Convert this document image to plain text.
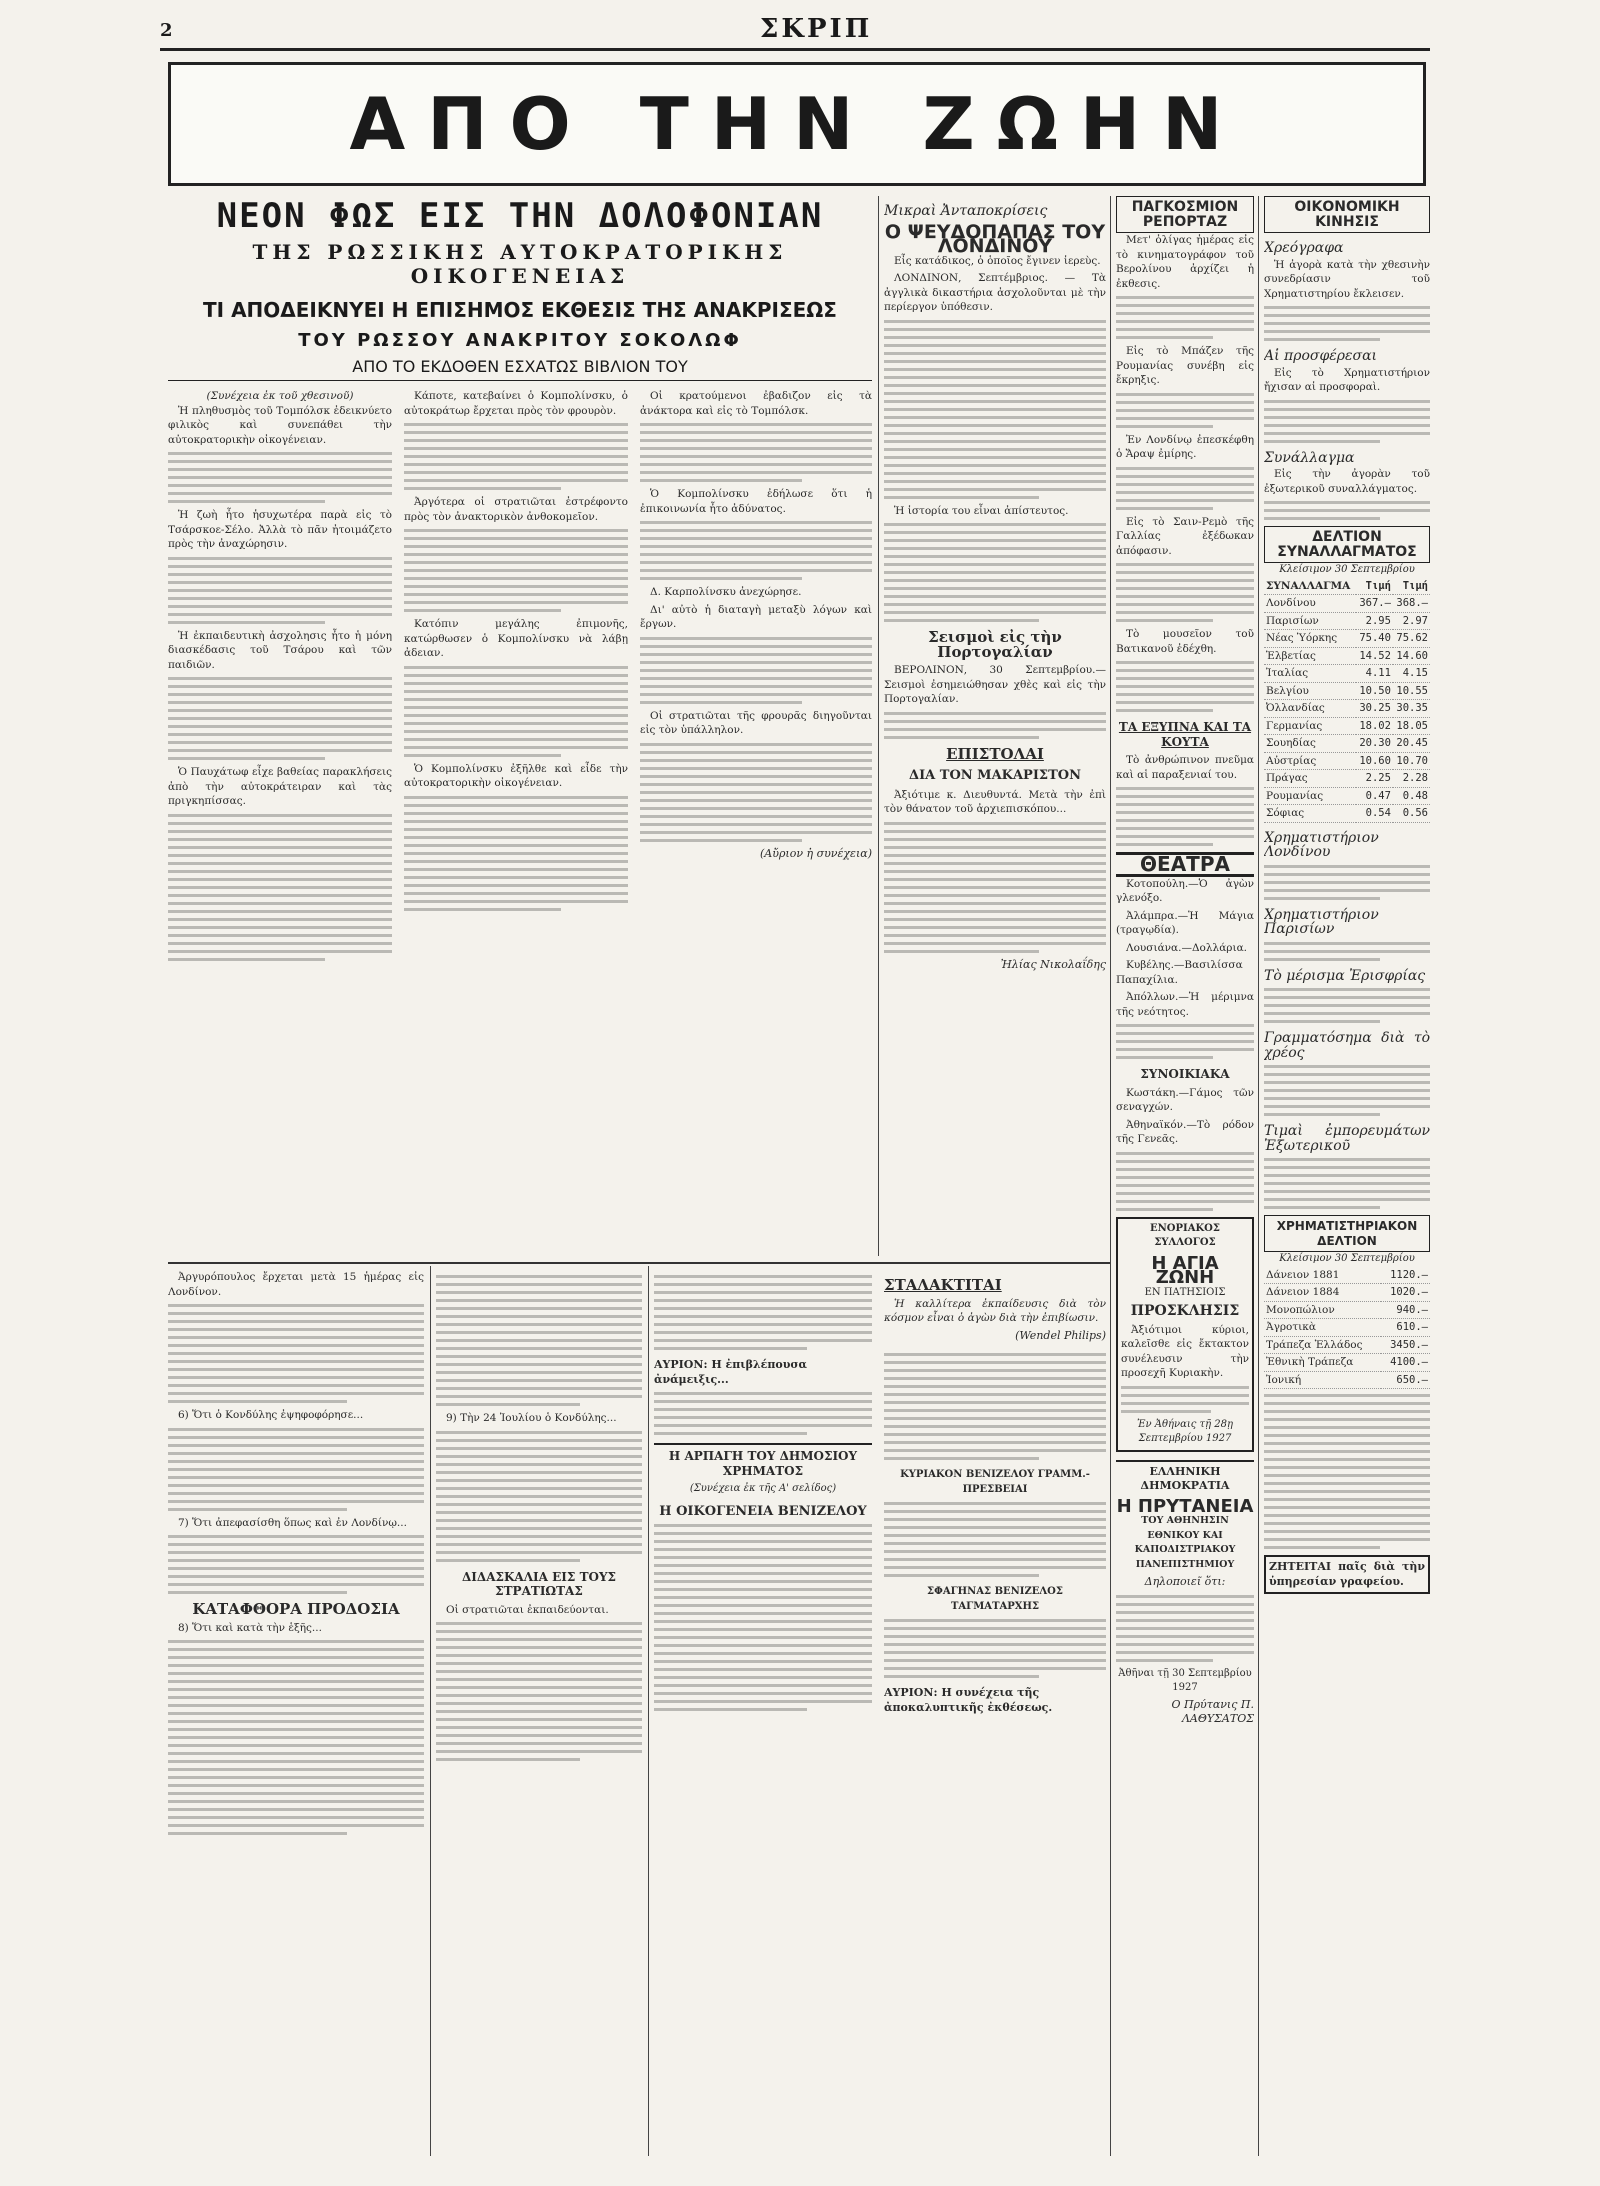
2	ΣΚΡΙΠ
ΑΠΟ ΤΗΝ ΖΩΗΝ
ΝΕΟΝ ΦΩΣ ΕΙΣ ΤΗΝ ΔΟΛΟΦΟΝΙΑΝ
ΤΗΣ ΡΩΣΣΙΚΗΣ ΑΥΤΟΚΡΑΤΟΡΙΚΗΣ ΟΙΚΟΓΕΝΕΙΑΣ
ΤΙ ΑΠΟΔΕΙΚΝΥΕΙ Η ΕΠΙΣΗΜΟΣ ΕΚΘΕΣΙΣ ΤΗΣ ΑΝΑΚΡΙΣΕΩΣ
ΤΟΥ ΡΩΣΣΟΥ ΑΝΑΚΡΙΤΟΥ ΣΟΚΟΛΩΦ
ΑΠΟ ΤΟ ΕΚΔΟΘΕΝ ΕΣΧΑΤΩΣ ΒΙΒΛΙΟΝ ΤΟΥ
(Συνέχεια ἐκ τοῦ χθεσινοῦ)

Ἡ πληθυσμὸς τοῦ Τομπόλσκ ἐδεικνύετο φιλικὸς καὶ συνεπάθει τὴν αὐτοκρατορικὴν οἰκογένειαν.

Ἡ ζωὴ ἦτο ἡσυχωτέρα παρὰ εἰς τὸ Τσάρσκοε-Σέλο. Ἀλλὰ τὸ πᾶν ἠτοιμάζετο πρὸς τὴν ἀναχώρησιν.

Ἡ ἐκπαιδευτικὴ ἀσχολησις ἦτο ἡ μόνη διασκέδασις τοῦ Τσάρου καὶ τῶν παιδιῶν.

Ὁ Παυχάτωφ εἶχε βαθείας παρακλήσεις ἀπὸ τὴν αὐτοκράτειραν καὶ τὰς πριγκηπίσσας.

Κάποτε, κατεβαίνει ὁ Κομπολίνσκυ, ὁ αὐτοκράτωρ ἔρχεται πρὸς τὸν φρουρὸν.

Ἀργότερα οἱ στρατιῶται ἐστρέφοντο πρὸς τὸν ἀνακτορικὸν ἀνθοκομεῖον.

Κατόπιν μεγάλης ἐπιμονῆς, κατώρθωσεν ὁ Κομπολίνσκυ νὰ λάβῃ ἀδειαν.

Ὁ Κομπολίνσκυ ἐξῆλθε καὶ εἶδε τὴν αὐτοκρατορικὴν οἰκογένειαν.

Οἱ κρατούμενοι ἐβαδιζον εἰς τὰ ἀνάκτορα καὶ εἰς τὸ Τομπόλσκ.

Ὁ Κομπολίνσκυ ἐδήλωσε ὅτι ἡ ἐπικοινωνία ἦτο ἀδύνατος.

Δ. Καρπολίνσκυ ἀνεχώρησε.

Δι' αὐτὸ ἡ διαταγὴ μεταξὺ λόγων καὶ ἔργων.

Οἱ στρατιῶται τῆς φρουρᾶς διηγοῦνται εἰς τὸν ὑπάλληλον.

(Αὔριον ἡ συνέχεια)
Μικραὶ Ἀνταποκρίσεις
Ο ΨΕΥΔΟΠΑΠΑΣ ΤΟΥ ΛΟΝΔΙΝΟΥ

Εἶς κατάδικος, ὁ ὁποῖος ἔγινεν ἱερεὺς.

ΛΟΝΔΙΝΟΝ, Σεπτέμβριος. — Τὰ ἀγγλικὰ δικαστήρια ἀσχολοῦνται μὲ τὴν περίεργον ὑπόθεσιν.

Ἡ ἱστορία του εἶναι ἀπίστευτος.

Σεισμοὶ εἰς τὴν Πορτογαλίαν

ΒΕΡΟΛΙΝΟΝ, 30 Σεπτεμβρίου.—Σεισμοὶ ἐσημειώθησαν χθὲς καὶ εἰς τὴν Πορτογαλίαν.

ΕΠΙΣΤΟΛΑΙ
ΔΙΑ ΤΟΝ ΜΑΚΑΡΙΣΤΟΝ

Ἀξιότιμε κ. Διευθυντά. Μετὰ τὴν ἐπὶ τὸν θάνατον τοῦ ἀρχιεπισκόπου...

Ἠλίας Νικολαΐδης
ΠΑΓΚΟΣΜΙΟΝ ΡΕΠΟΡΤΑΖ

Μετ' ὀλίγας ἡμέρας εἰς τὸ κινηματογράφον τοῦ Βερολίνου ἀρχίζει ἡ ἐκθεσις.

Εἰς τὸ Μπάζεν τῆς Ρουμανίας συνέβη εἰς ἔκρηξις.

Ἐν Λονδίνῳ ἐπεσκέφθη ὁ Ἄραψ ἐμίρης.

Εἰς τὸ Σαιν-Ρεμὸ τῆς Γαλλίας ἐξέδωκαν ἀπόφασιν.

Τὸ μουσεῖον τοῦ Βατικανοῦ ἐδέχθη.

ΤΑ ΕΞΥΠΝΑ ΚΑΙ ΤΑ ΚΟΥΤΑ

Τὸ ἀνθρώπινον πνεῦμα καὶ αἱ παραξενιαί του.

ΘΕΑΤΡΑ

Κοτοπούλη.—Ὁ ἀγὼν γλενόξο.

Ἀλάμπρα.—Ἡ Μάγια (τραγῳδία).

Λουσιάνα.—Δολλάρια.

Κυβέλης.—Βασιλίσσα Παπαχίλια.

Ἀπόλλων.—Ἡ μέριμνα τῆς νεότητος.

ΣΥΝΟΙΚΙΑΚΑ

Κωστάκη.—Γάμος τῶν σεναγχών.

Ἀθηναϊκόν.—Τὸ ρόδον τῆς Γενεᾶς.

ΕΝΟΡΙΑΚΟΣ ΣΥΛΛΟΓΟΣ
Η ΑΓΙΑ ΖΩΝΗ
ΕΝ ΠΑΤΗΣΙΟΙΣ
ΠΡΟΣΚΛΗΣΙΣ

Ἀξιότιμοι κύριοι, καλεῖσθε εἰς ἔκτακτον συνέλευσιν τὴν προσεχῆ Κυριακὴν.

Ἐν Ἀθήναις τῇ 28ῃ Σεπτεμβρίου 1927
ΕΛΛΗΝΙΚΗ ΔΗΜΟΚΡΑΤΙΑ
Η ΠΡΥΤΑΝΕΙΑ
ΤΟΥ ΑΘΗΝΗΣΙΝ ΕΘΝΙΚΟΥ ΚΑΙ ΚΑΠΟΔΙΣΤΡΙΑΚΟΥ ΠΑΝΕΠΙΣΤΗΜΙΟΥ
Δηλοποιεῖ ὅτι:
Ἀθῆναι τῇ 30 Σεπτεμβρίου 1927
Ο Πρύτανις Π. ΛΑΘΥΣΑΤΟΣ
ΟΙΚΟΝΟΜΙΚΗ ΚΙΝΗΣΙΣ
Χρεόγραφα

Ἡ ἀγορὰ κατὰ τὴν χθεσινὴν συνεδρίασιν τοῦ Χρηματιστηρίου ἔκλεισεν.

Αἱ προσφέρεσαι

Εἰς τὸ Χρηματιστήριον ἤχισαν αἱ προσφοραὶ.

Συνάλλαγμα

Εἰς τὴν ἀγορὰν τοῦ ἐξωτερικοῦ συναλλάγματος.

ΔΕΛΤΙΟΝ ΣΥΝΑΛΛΑΓΜΑΤΟΣ
Κλείσιμον 30 Σεπτεμβρίου
ΣΥΝΑΛΛΑΓΜΑ	Τιμή	Τιμή
Λονδίνου	367.—	368.—
Παρισίων	2.95	2.97
Νέας Ὑόρκης	75.40	75.62
Ἑλβετίας	14.52	14.60
Ἰταλίας	4.11	4.15
Βελγίου	10.50	10.55
Ὀλλανδίας	30.25	30.35
Γερμανίας	18.02	18.05
Σουηδίας	20.30	20.45
Αὐστρίας	10.60	10.70
Πράγας	2.25	2.28
Ρουμανίας	0.47	0.48
Σόφιας	0.54	0.56
Χρηματιστήριον Λονδίνου
Χρηματιστήριον Παρισίων
Τὸ μέρισμα Ἐρισφρίας
Γραμματόσημα διὰ τὸ χρέος
Τιμαὶ ἐμπορευμάτων Ἐξωτερικοῦ
ΧΡΗΜΑΤΙΣΤΗΡΙΑΚΟΝ ΔΕΛΤΙΟΝ
Κλείσιμον 30 Σεπτεμβρίου
Δάνειον 1881	1120.—
Δάνειον 1884	1020.—
Μονοπώλιον	940.—
Ἀγροτικὰ	610.—
Τράπεζα Ἑλλάδος	3450.—
Ἐθνικὴ Τράπεζα	4100.—
Ἰονική	650.—
ΖΗΤΕΙΤΑΙ παῖς διὰ τὴν ὑπηρεσίαν γραφείου.

Ἀργυρόπουλος ἔρχεται μετὰ 15 ἡμέρας εἰς Λονδίνον.

6) Ὅτι ὁ Κονδύλης ἐψηφοφόρησε...

7) Ὅτι ἀπεφασίσθη ὅπως καὶ ἐν Λονδίνῳ...

ΚΑΤΑΦΘΟΡΑ ΠΡΟΔΟΣΙΑ

8) Ὅτι καὶ κατὰ τὴν ἑξῆς...

9) Τὴν 24 Ἰουλίου ὁ Κονδύλης...

ΔΙΔΑΣΚΑΛΙΑ ΕΙΣ ΤΟΥΣ ΣΤΡΑΤΙΩΤΑΣ

Οἱ στρατιῶται ἐκπαιδεύονται.

ΑΥΡΙΟΝ: Η ἐπιβλέπουσα ἀνάμειξις...
Η ΑΡΠΑΓΗ ΤΟΥ ΔΗΜΟΣΙΟΥ ΧΡΗΜΑΤΟΣ
(Συνέχεια ἐκ τῆς Α' σελίδος)
Η ΟΙΚΟΓΕΝΕΙΑ ΒΕΝΙΖΕΛΟΥ
ΣΤΑΛΑΚΤΙΤΑΙ

Ἡ καλλίτερα ἐκπαίδευσις διὰ τὸν κόσμον εἶναι ὁ ἀγὼν διὰ τὴν ἐπιβίωσιν.

(Wendel Philips)
ΚΥΡΙΑΚΟΝ ΒΕΝΙΖΕΛΟΥ ΓΡΑΜΜ.-ΠΡΕΣΒΕΙΑΙ
ΣΦΑΓΗΝΑΣ ΒΕΝΙΖΕΛΟΣ ΤΑΓΜΑΤΑΡΧΗΣ
ΑΥΡΙΟΝ: Η συνέχεια τῆς ἀποκαλυπτικῆς ἐκθέσεως.
